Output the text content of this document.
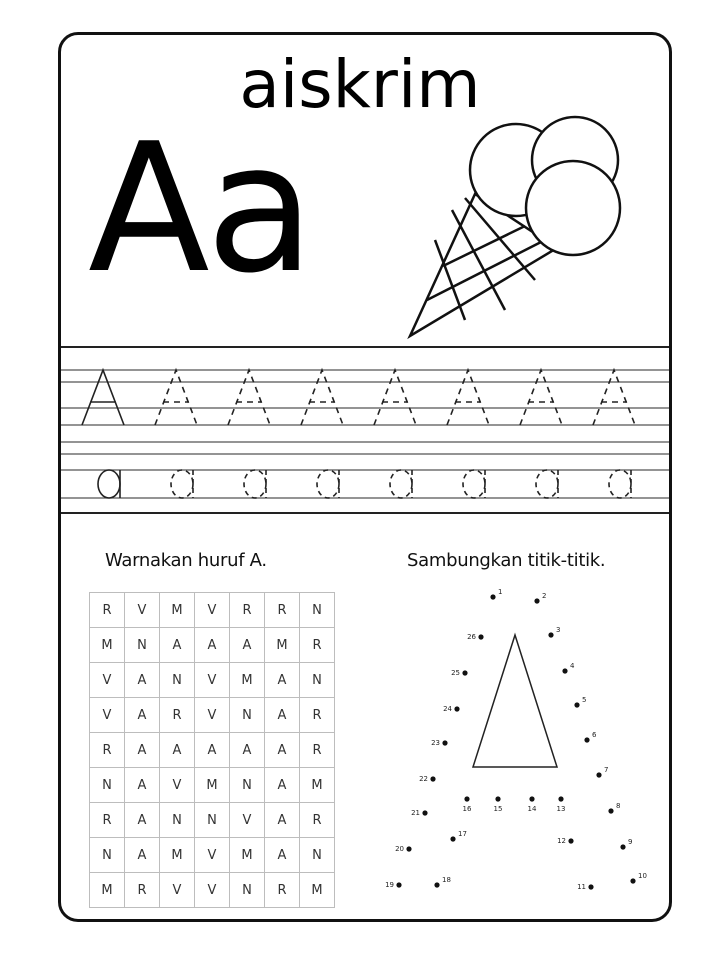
aiskrim
Aa
Warnakan huruf A.	Sambungkan titik-titik.
R	V	M	V	R	R	N
M	N	A	A	A	M	R
V	A	N	V	M	A	N
V	A	R	V	N	A	R
R	A	A	A	A	A	R
N	A	V	M	N	A	M
R	A	N	N	V	A	R
N	A	M	V	M	A	N
M	R	V	V	N	R	M
1	2
3
4
5
6
7
8
9
10
11
12
13
14
15
16
17
18
19
20
21
22
23
24
25
26
